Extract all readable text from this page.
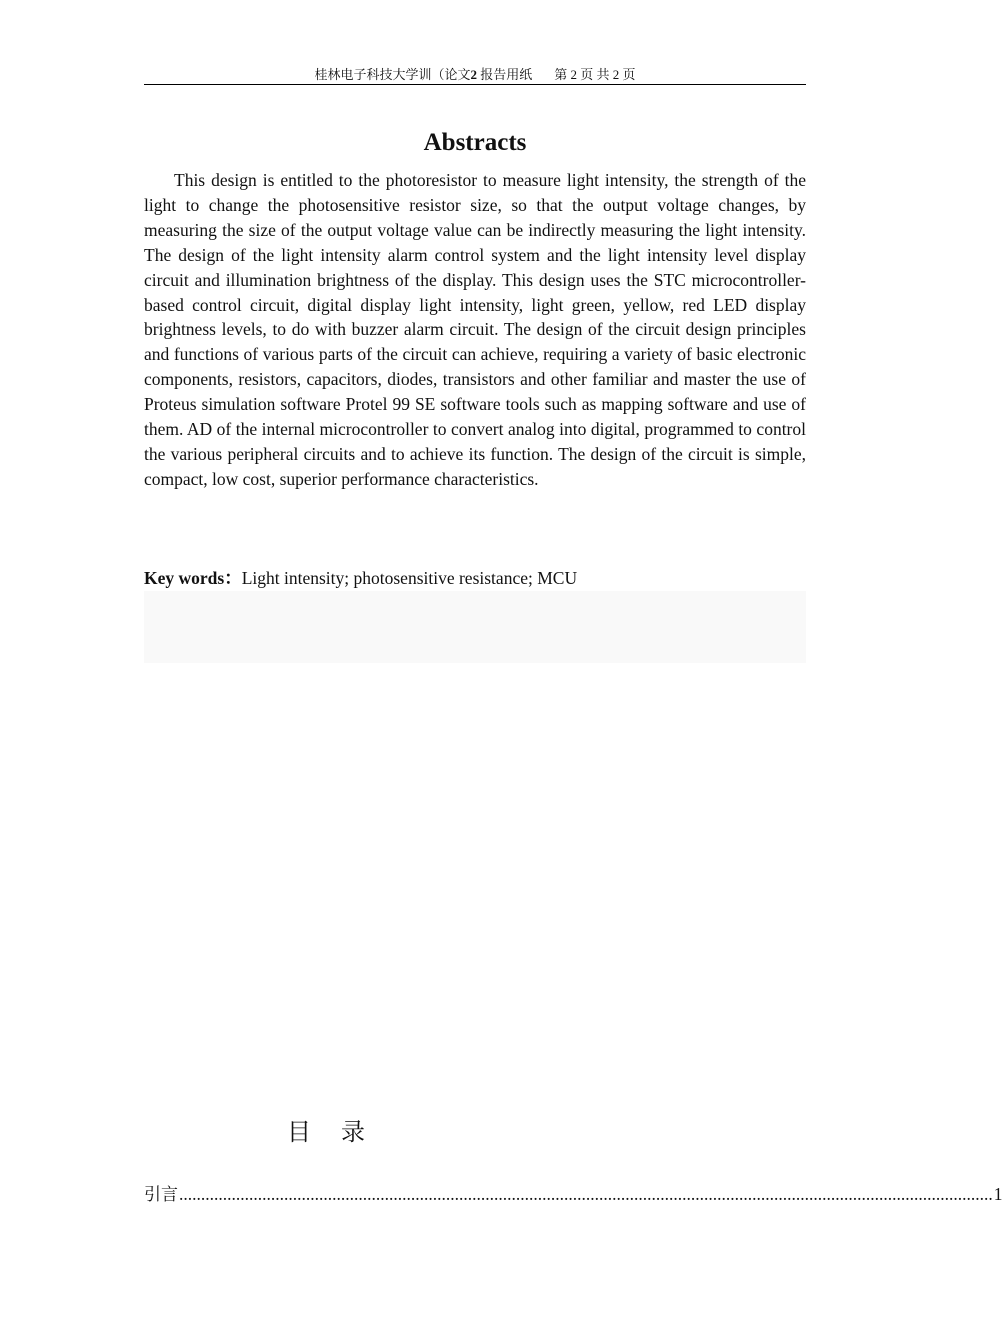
桂林电子科技大学训（论文2 报告用纸 第 2 页 共 2 页
Abstracts

This design is entitled to the photoresistor to measure light intensity, the strength of the light to change the photosensitive resistor size, so that the output voltage changes, by measuring the size of the output voltage value can be indirectly measuring the light intensity. The design of the light intensity alarm control system and the light intensity level display circuit and illumination brightness of the display. This design uses the STC microcontroller-based control circuit, digital display light intensity, light green, yellow, red LED display brightness levels, to do with buzzer alarm circuit. The design of the circuit design principles and functions of various parts of the circuit can achieve, requiring a variety of basic electronic components, resistors, capacitors, diodes, transistors and other familiar and master the use of Proteus simulation software Protel 99 SE software tools such as mapping software and use of them. AD of the internal microcontroller to convert analog into digital, programmed to control the various peripheral circuits and to achieve its function. The design of the circuit is simple, compact, low cost, superior performance characteristics.

Key words：Light intensity; photosensitive resistance; MCU
目 录
引言 .......................................................................................................................................................................................... 1
